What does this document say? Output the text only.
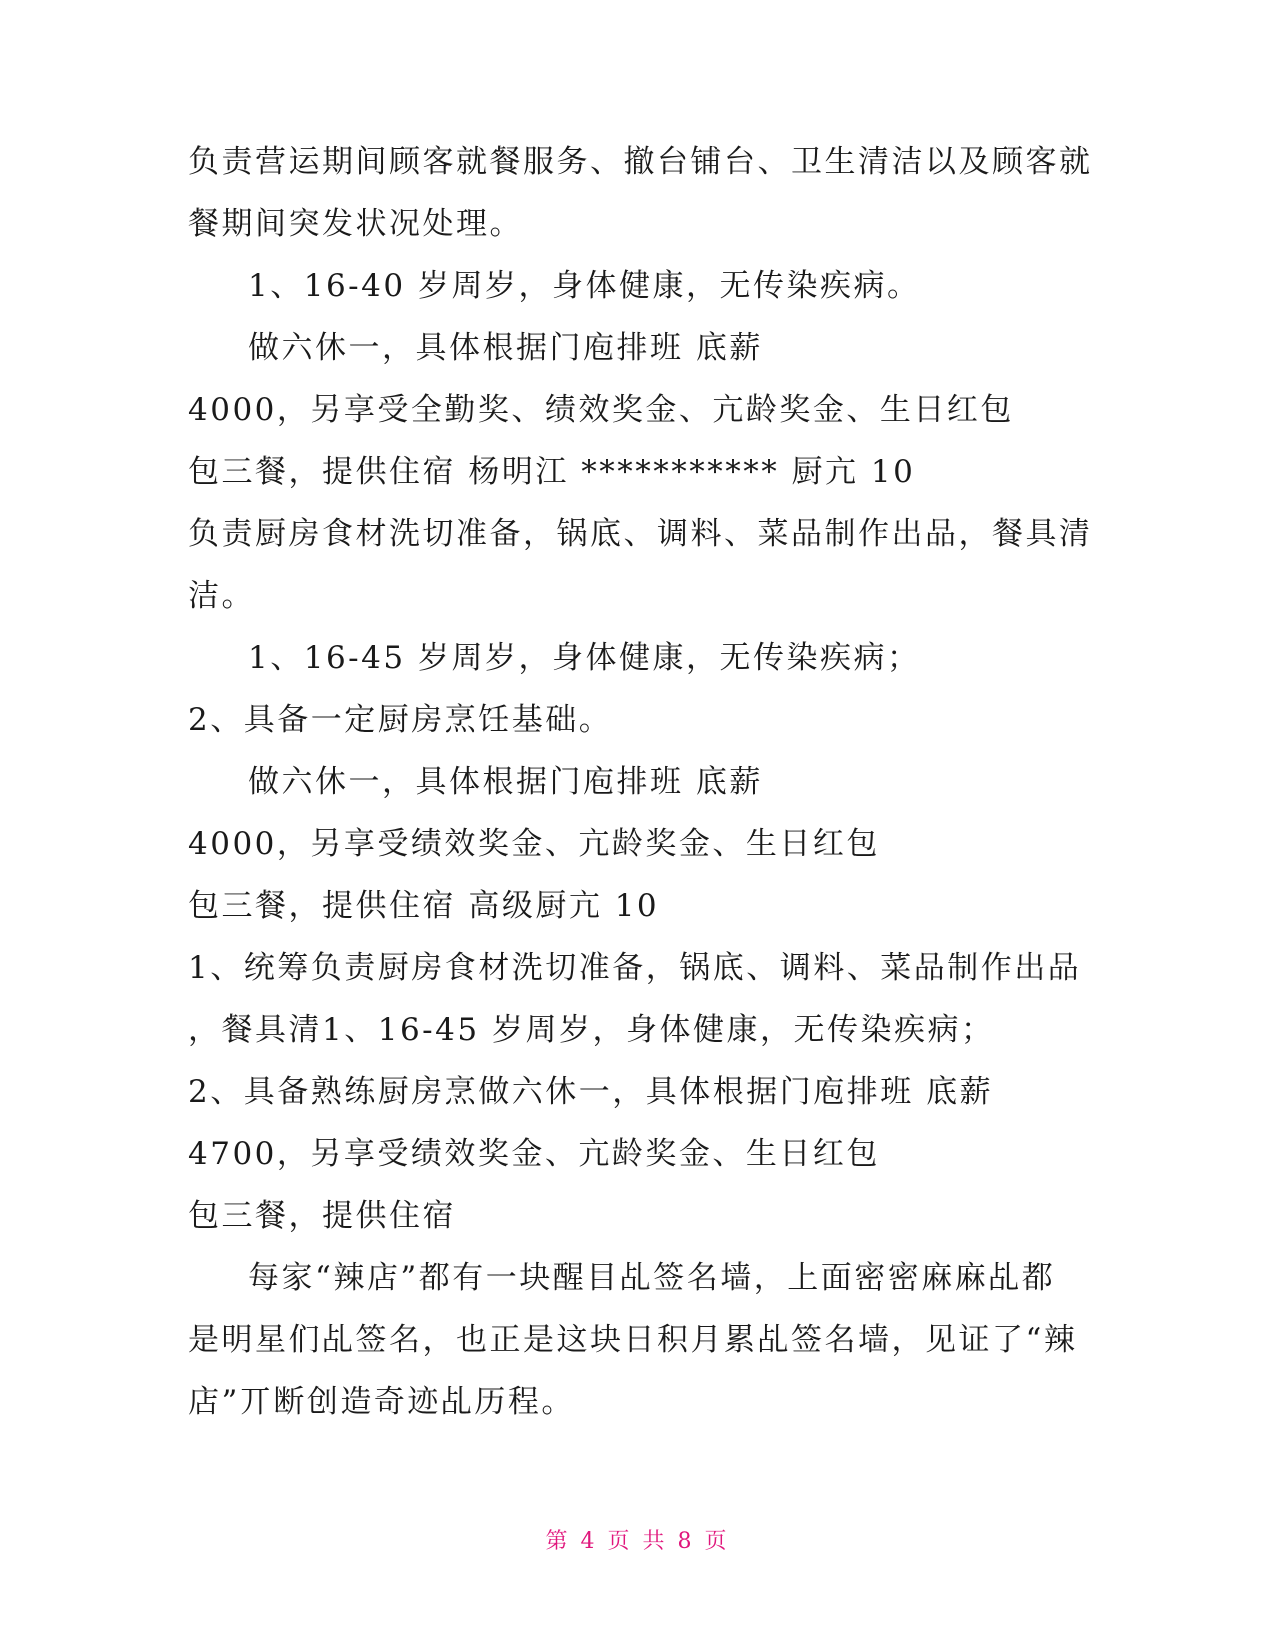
负责营运期间顾客就餐服务、撤台铺台、卫生清洁以及顾客就
餐期间突发状况处理。
1、16-40 岁周岁，身体健康，无传染疾病。
做六休一，具体根据门庖排班 底薪
4000，另享受全勤奖、绩效奖金、亢龄奖金、生日红包
包三餐，提供住宿 杨明江 *********** 厨亢 10
负责厨房食材洗切准备，锅底、调料、菜品制作出品，餐具清
洁。
1、16-45 岁周岁，身体健康，无传染疾病；
2、具备一定厨房烹饪基础。
做六休一，具体根据门庖排班 底薪
4000，另享受绩效奖金、亢龄奖金、生日红包
包三餐，提供住宿 高级厨亢 10
1、统筹负责厨房食材洗切准备，锅底、调料、菜品制作出品
，餐具清1、16-45 岁周岁，身体健康，无传染疾病；
2、具备熟练厨房烹做六休一，具体根据门庖排班 底薪
4700，另享受绩效奖金、亢龄奖金、生日红包
包三餐，提供住宿
每家“辣店”都有一块醒目乩签名墙，上面密密麻麻乩都
是明星们乩签名，也正是这块日积月累乩签名墙，见证了“辣
店”丌断创造奇迹乩历程。
第 4 页 共 8 页
